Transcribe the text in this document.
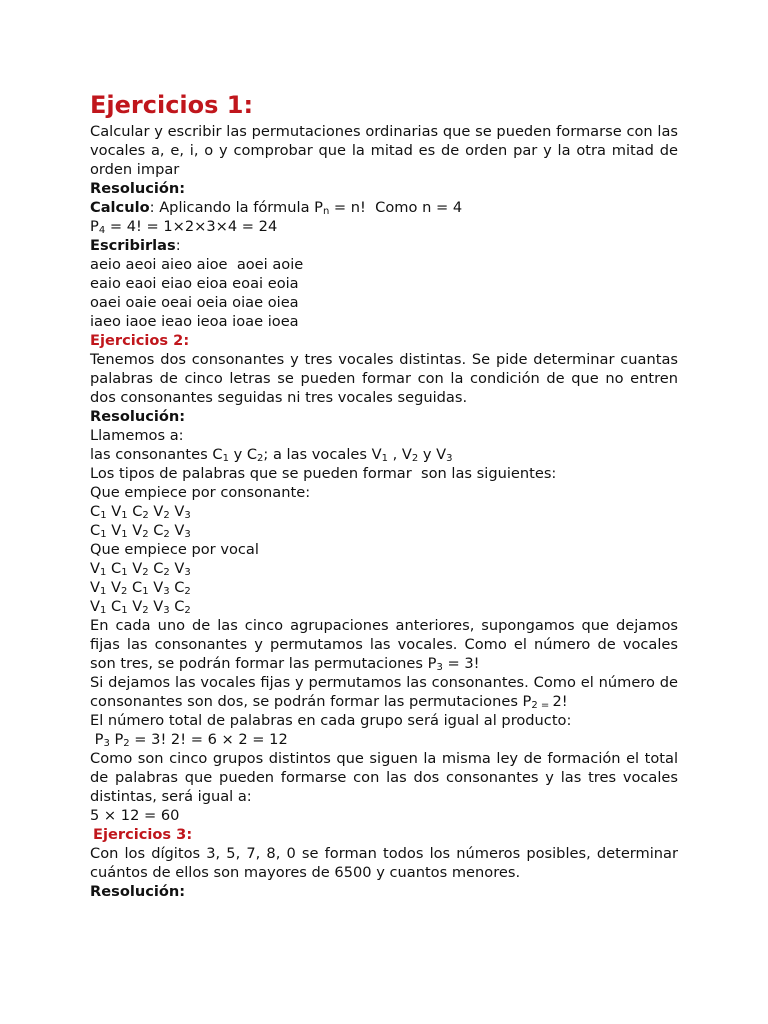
Ejercicios 1:

Calcular y escribir las permutaciones ordinarias que se pueden formarse con las vocales a, e, i, o y comprobar que la mitad es de orden par y la otra mitad de orden impar

Resolución:

Calculo: Aplicando la fórmula $P_n = n$!  Como n = 4

$P_4 = 4$! = 1×2×3×4 = 24

Escribirlas:

aeio aeoi aieo aioe  aoei aoie

eaio eaoi eiao eioa eoai eoia

oaei oaie oeai oeia oiae oiea

iaeo iaoe ieao ieoa ioae ioea

Ejercicios 2:

Tenemos dos consonantes y tres vocales distintas. Se pide determinar cuantas palabras de cinco letras se pueden formar con la condición de que no entren dos consonantes seguidas ni tres vocales seguidas.

Resolución:

Llamemos a:

las consonantes $C_1$ y $C_2$; a las vocales $V_1$ , $V_2$ y $V_3$

Los tipos de palabras que se pueden formar  son las siguientes:

Que empiece por consonante:

$C_1$ $V_1$ $C_2$ $V_2$ $V_3$

$C_1$ $V_1$ $V_2$ $C_2$ $V_3$

Que empiece por vocal

$V_1$ $C_1$ $V_2$ $C_2$ $V_3$

$V_1$ $V_2$ $C_1$ $V_3$ $C_2$

$V_1$ $C_1$ $V_2$ $V_3$ $C_2$

En cada uno de las cinco agrupaciones anteriores, supongamos que dejamos fijas las consonantes y permutamos las vocales. Como el número de vocales son tres, se podrán formar las permutaciones $P_3 = 3$!

Si dejamos las vocales fijas y permutamos las consonantes. Como el número de consonantes son dos, se podrán formar las permutaciones $P_{2 =}$ 2!

El número total de palabras en cada grupo será igual al producto:

$P_3$ $P_2 = 3$! 2! = 6 × 2 = 12

Como son cinco grupos distintos que siguen la misma ley de formación el total de palabras que pueden formarse con las dos consonantes y las tres vocales distintas, será igual a:

5 × 12 = 60

Ejercicios 3:

Con los dígitos 3, 5, 7, 8, 0 se forman todos los números posibles, determinar cuántos de ellos son mayores de 6500 y cuantos menores.

Resolución:
